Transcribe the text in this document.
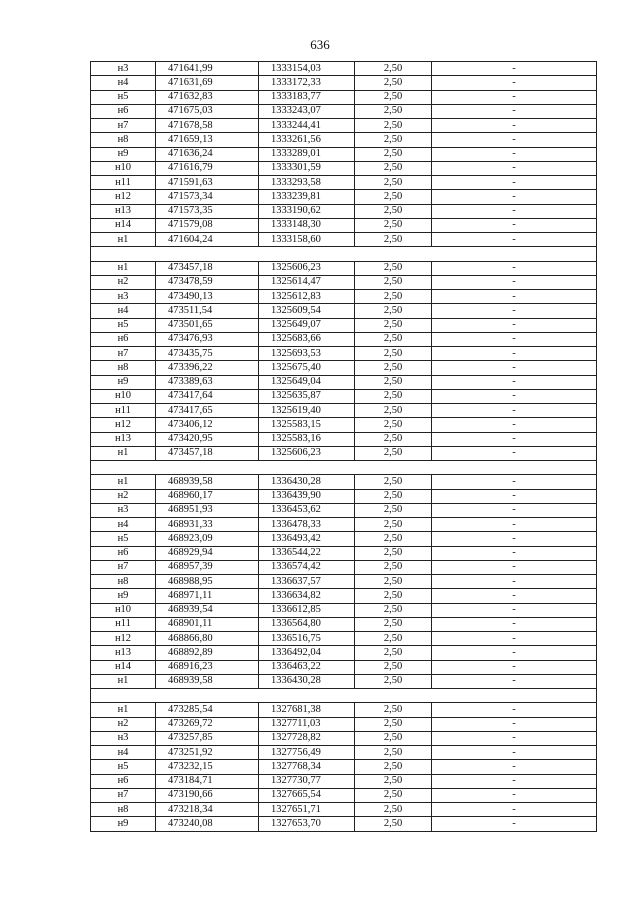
636
н3	471641,99	1333154,03	2,50	-
н4	471631,69	1333172,33	2,50	-
н5	471632,83	1333183,77	2,50	-
н6	471675,03	1333243,07	2,50	-
н7	471678,58	1333244,41	2,50	-
н8	471659,13	1333261,56	2,50	-
н9	471636,24	1333289,01	2,50	-
н10	471616,79	1333301,59	2,50	-
н11	471591,63	1333293,58	2,50	-
н12	471573,34	1333239,81	2,50	-
н13	471573,35	1333190,62	2,50	-
н14	471579,08	1333148,30	2,50	-
н1	471604,24	1333158,60	2,50	-

н1	473457,18	1325606,23	2,50	-
н2	473478,59	1325614,47	2,50	-
н3	473490,13	1325612,83	2,50	-
н4	473511,54	1325609,54	2,50	-
н5	473501,65	1325649,07	2,50	-
н6	473476,93	1325683,66	2,50	-
н7	473435,75	1325693,53	2,50	-
н8	473396,22	1325675,40	2,50	-
н9	473389,63	1325649,04	2,50	-
н10	473417,64	1325635,87	2,50	-
н11	473417,65	1325619,40	2,50	-
н12	473406,12	1325583,15	2,50	-
н13	473420,95	1325583,16	2,50	-
н1	473457,18	1325606,23	2,50	-

н1	468939,58	1336430,28	2,50	-
н2	468960,17	1336439,90	2,50	-
н3	468951,93	1336453,62	2,50	-
н4	468931,33	1336478,33	2,50	-
н5	468923,09	1336493,42	2,50	-
н6	468929,94	1336544,22	2,50	-
н7	468957,39	1336574,42	2,50	-
н8	468988,95	1336637,57	2,50	-
н9	468971,11	1336634,82	2,50	-
н10	468939,54	1336612,85	2,50	-
н11	468901,11	1336564,80	2,50	-
н12	468866,80	1336516,75	2,50	-
н13	468892,89	1336492,04	2,50	-
н14	468916,23	1336463,22	2,50	-
н1	468939,58	1336430,28	2,50	-

н1	473285,54	1327681,38	2,50	-
н2	473269,72	1327711,03	2,50	-
н3	473257,85	1327728,82	2,50	-
н4	473251,92	1327756,49	2,50	-
н5	473232,15	1327768,34	2,50	-
н6	473184,71	1327730,77	2,50	-
н7	473190,66	1327665,54	2,50	-
н8	473218,34	1327651,71	2,50	-
н9	473240,08	1327653,70	2,50	-
